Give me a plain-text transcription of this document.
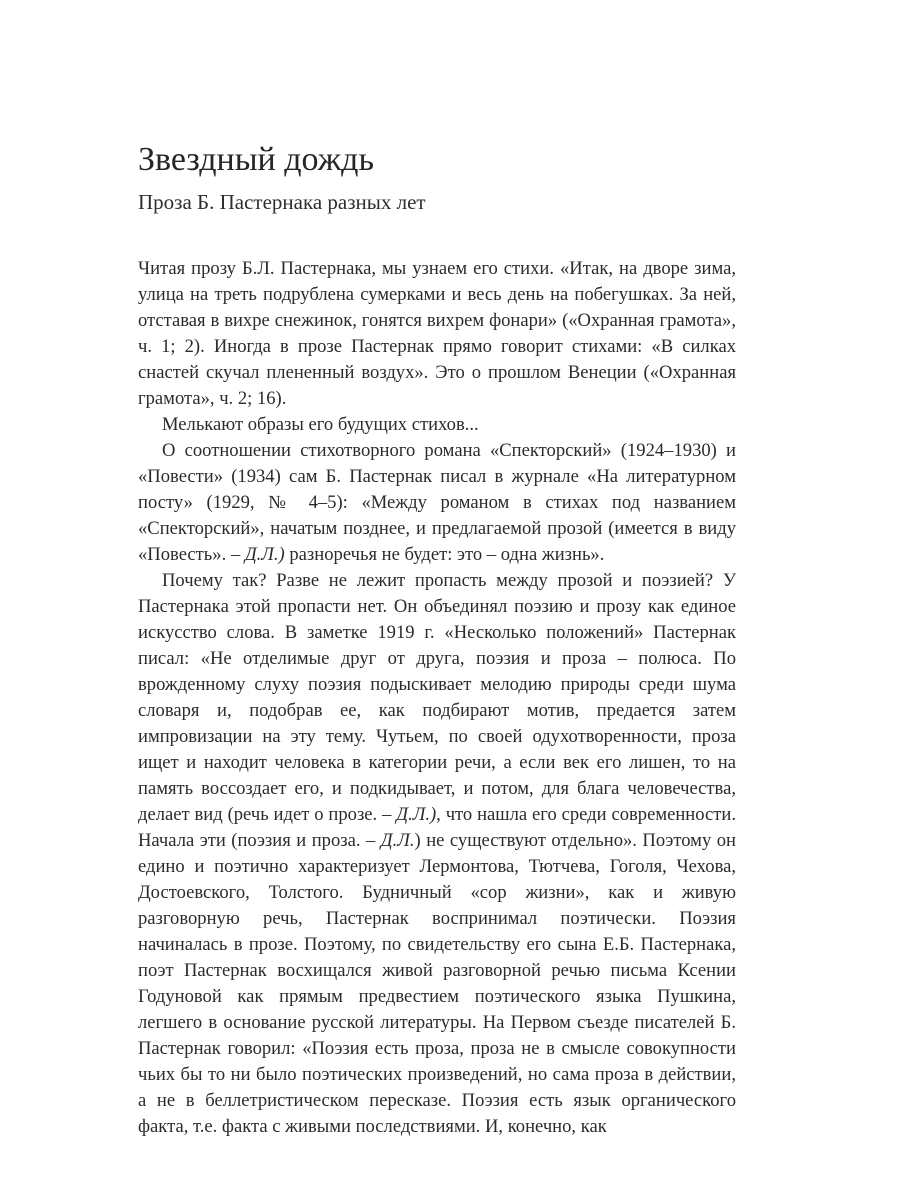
Звездный дождь
Проза Б. Пастернака разных лет

Читая прозу Б.Л. Пастернака, мы узнаем его стихи. «Итак, на дворе зима, улица на треть подрублена сумерками и весь день на побегушках. За ней, отставая в вихре снежинок, гонятся вихрем фонари» («Охранная грамота», ч. 1; 2). Иногда в прозе Пастернак прямо говорит стихами: «В силках снастей скучал плененный воздух». Это о прошлом Венеции («Охранная грамота», ч. 2; 16).

Мелькают образы его будущих стихов...

О соотношении стихотворного романа «Спекторский» (1924–1930) и «Повести» (1934) сам Б. Пастернак писал в журнале «На литературном посту» (1929, № 4–5): «Между романом в стихах под названием «Спекторский», начатым позднее, и предлагаемой прозой (имеется в виду «Повесть». – Д.Л.) разноречья не будет: это – одна жизнь».

Почему так? Разве не лежит пропасть между прозой и поэзией? У Пастернака этой пропасти нет. Он объединял поэзию и прозу как единое искусство слова. В заметке 1919 г. «Несколько положений» Пастернак писал: «Не отделимые друг от друга, поэзия и проза – полюса. По врожденному слуху поэзия подыскивает мелодию природы среди шума словаря и, подобрав ее, как подбирают мотив, предается затем импровизации на эту тему. Чутьем, по своей одухотворенности, проза ищет и находит человека в категории речи, а если век его лишен, то на память воссоздает его, и подкидывает, и потом, для блага человечества, делает вид (речь идет о прозе. – Д.Л.), что нашла его среди современности. Начала эти (поэзия и проза. – Д.Л.) не существуют отдельно». Поэтому он едино и поэтично характеризует Лермонтова, Тютчева, Гоголя, Чехова, Достоевского, Толстого. Будничный «сор жизни», как и живую разговорную речь, Пастернак воспринимал поэтически. Поэзия начиналась в прозе. Поэтому, по свидетельству его сына Е.Б. Пастернака, поэт Пастернак восхищался живой разговорной речью письма Ксении Годуновой как прямым предвестием поэтического языка Пушкина, легшего в основание русской литературы. На Первом съезде писателей Б. Пастернак говорил: «Поэзия есть проза, проза не в смысле совокупности чьих бы то ни было поэтических произведений, но сама проза в действии, а не в беллетристическом пересказе. Поэзия есть язык органического факта, т.е. факта с живыми последствиями. И, конечно, как
